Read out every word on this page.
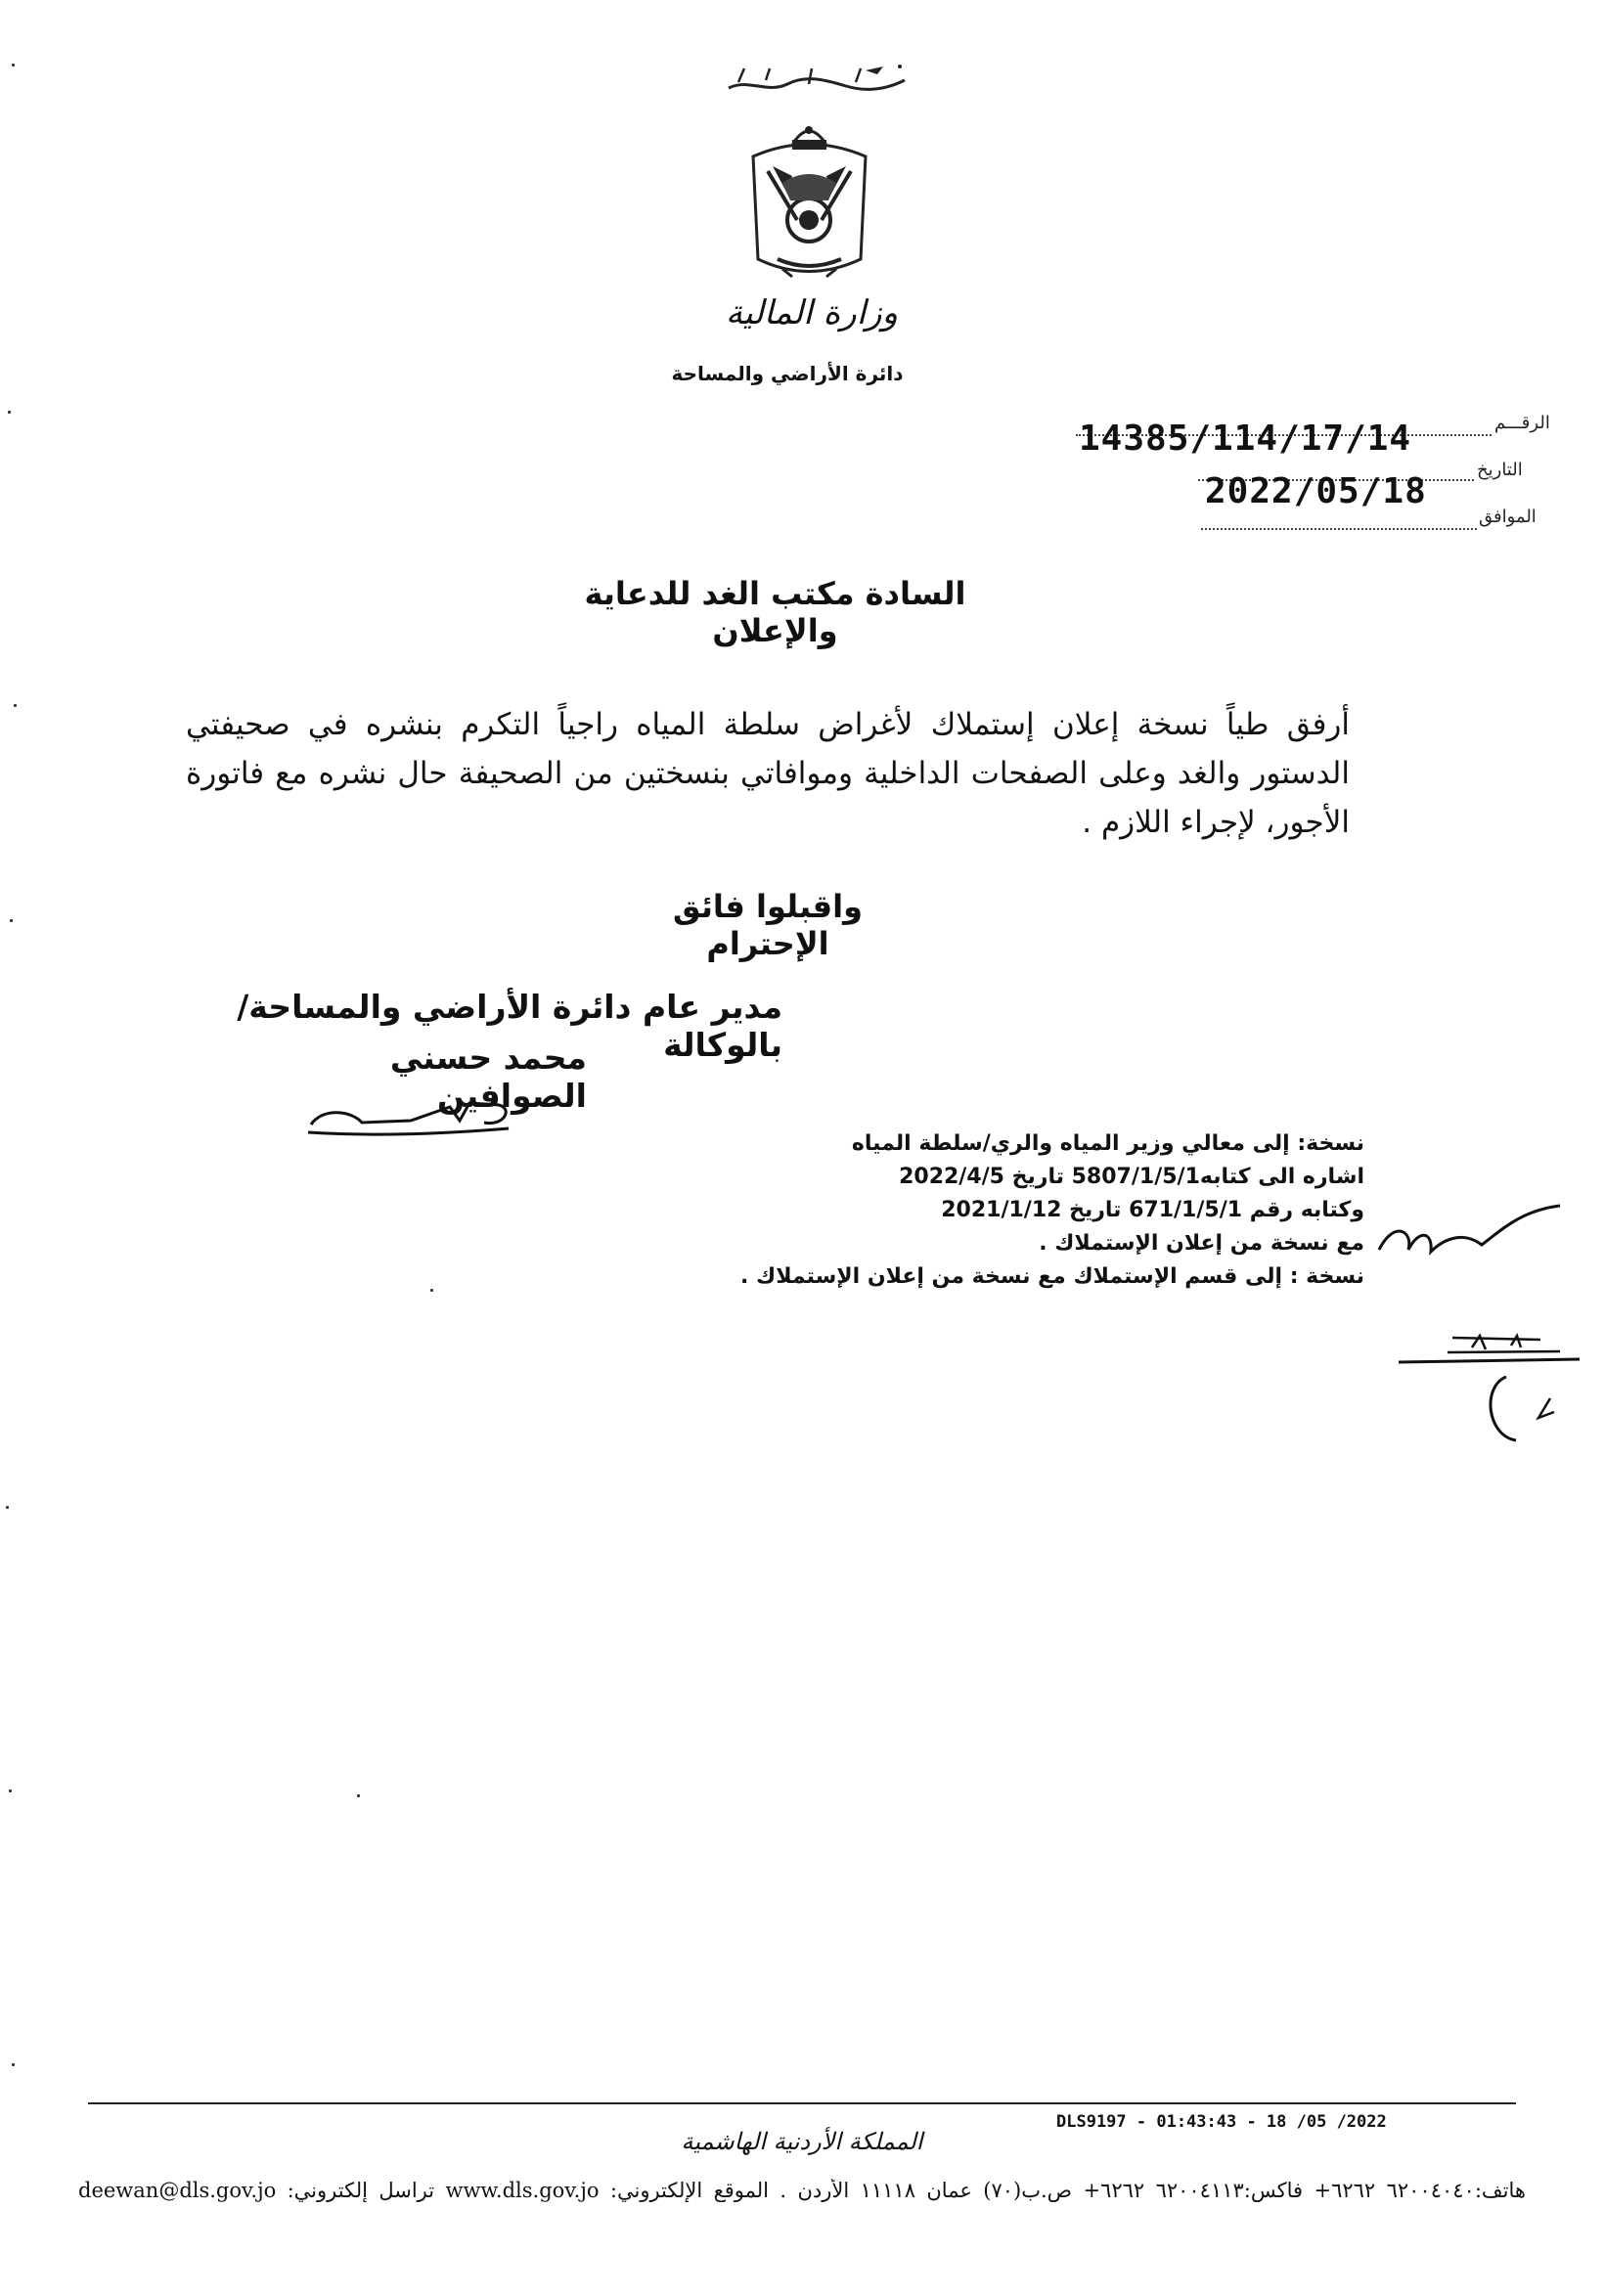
وزارة المالية
دائرة الأراضي والمساحة
الرقـــم
14385/114/17/14
التاريخ
2022/05/18
الموافق
السادة مكتب الغد للدعاية والإعلان
أرفق طياً نسخة إعلان إستملاك لأغراض سلطة المياه راجياً التكرم بنشره في صحيفتي الدستور والغد وعلى الصفحات الداخلية وموافاتي بنسختين من الصحيفة حال نشره مع فاتورة الأجور، لإجراء اللازم .
واقبلوا فائق الإحترام
مدير عام دائرة الأراضي والمساحة/بالوكالة
محمد حسني الصوافين
نسخة: إلى معالي وزير المياه والري/سلطة المياه
اشاره الى كتابه5807/1/5/1 تاريخ 2022/4/5
وكتابه رقم 671/1/5/1 تاريخ 2021/1/12
مع نسخة من إعلان الإستملاك .
نسخة : إلى قسم الإستملاك مع نسخة من إعلان الإستملاك .
DLS9197 - 01:43:43 - 18 /05 /2022
المملكة الأردنية الهاشمية
هاتف:٦٢٠٠٤٠٤٠ ٦٢٦٢+ فاكس:٦٢٠٠٤١١٣ ٦٢٦٢+ ص.ب(٧٠) عمان ١١١١٨ الأردن . الموقع الإلكتروني: www.dls.gov.jo تراسل إلكتروني: deewan@dls.gov.jo
